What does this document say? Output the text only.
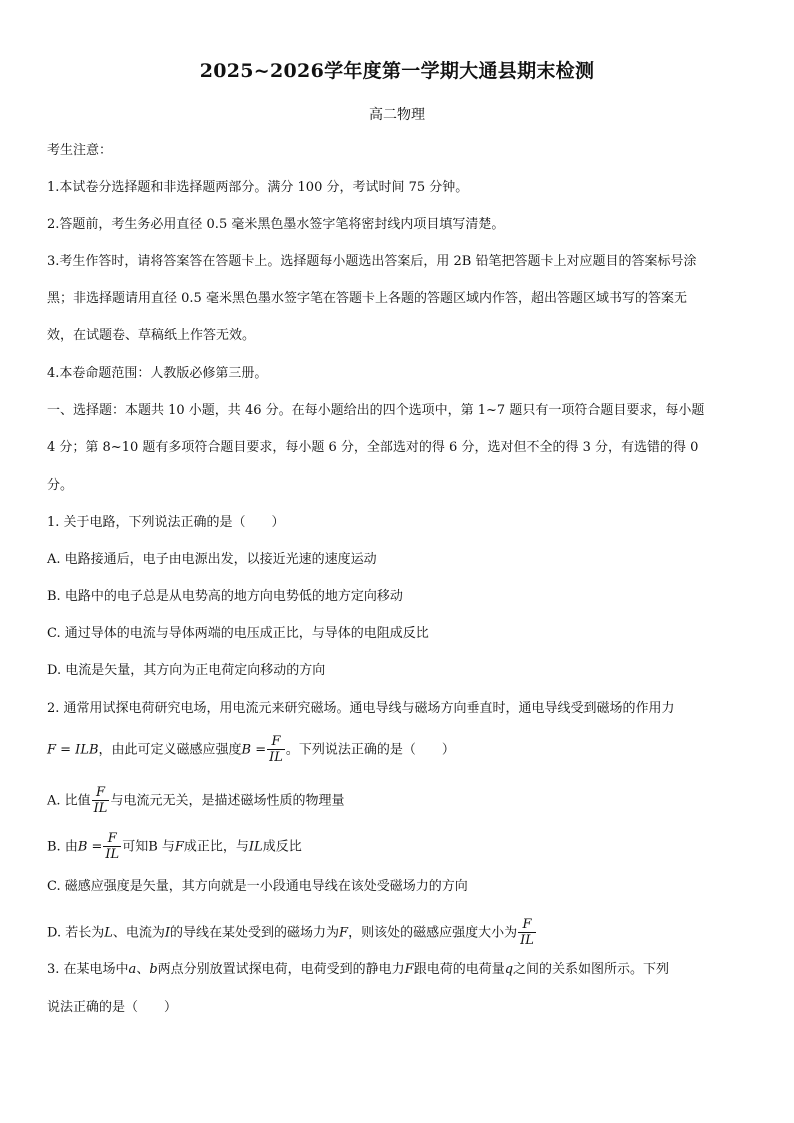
2025~2026学年度第一学期大通县期末检测
高二物理
考生注意：
1.本试卷分选择题和非选择题两部分。满分 100 分，考试时间 75 分钟。
2.答题前，考生务必用直径 0.5 毫米黑色墨水签字笔将密封线内项目填写清楚。
3.考生作答时，请将答案答在答题卡上。选择题每小题选出答案后，用 2B 铅笔把答题卡上对应题目的答案标号涂
黑；非选择题请用直径 0.5 毫米黑色墨水签字笔在答题卡上各题的答题区域内作答，超出答题区域书写的答案无
效，在试题卷、草稿纸上作答无效。
4.本卷命题范围：人教版必修第三册。
一、选择题：本题共 10 小题，共 46 分。在每小题给出的四个选项中，第 1~7 题只有一项符合题目要求，每小题
4 分；第 8~10 题有多项符合题目要求，每小题 6 分，全部选对的得 6 分，选对但不全的得 3 分，有选错的得 0
分。
1. 关于电路，下列说法正确的是（　　）
A. 电路接通后，电子由电源出发，以接近光速的速度运动
B. 电路中的电子总是从电势高的地方向电势低的地方定向移动
C. 通过导体的电流与导体两端的电压成正比，与导体的电阻成反比
D. 电流是矢量，其方向为正电荷定向移动的方向
2. 通常用试探电荷研究电场，用电流元来研究磁场。通电导线与磁场方向垂直时，通电导线受到磁场的作用力
F = ILB，由此可定义磁感应强度$B = \frac{F}{IL}$ 。下列说法正确的是（　　）
A. 比值 $\frac{F}{IL}$ 与电流元无关，是描述磁场性质的物理量
B. 由$B = \frac{F}{IL}$ 可知B 与F成正比，与IL成反比
C. 磁感应强度是矢量，其方向就是一小段通电导线在该处受磁场力的方向
D. 若长为L、电流为I的导线在某处受到的磁场力为F，则该处的磁感应强度大小为 $\frac{F}{IL}$
3. 在某电场中a、b两点分别放置试探电荷，电荷受到的静电力F跟电荷的电荷量q之间的关系如图所示。下列
说法正确的是（　　）
